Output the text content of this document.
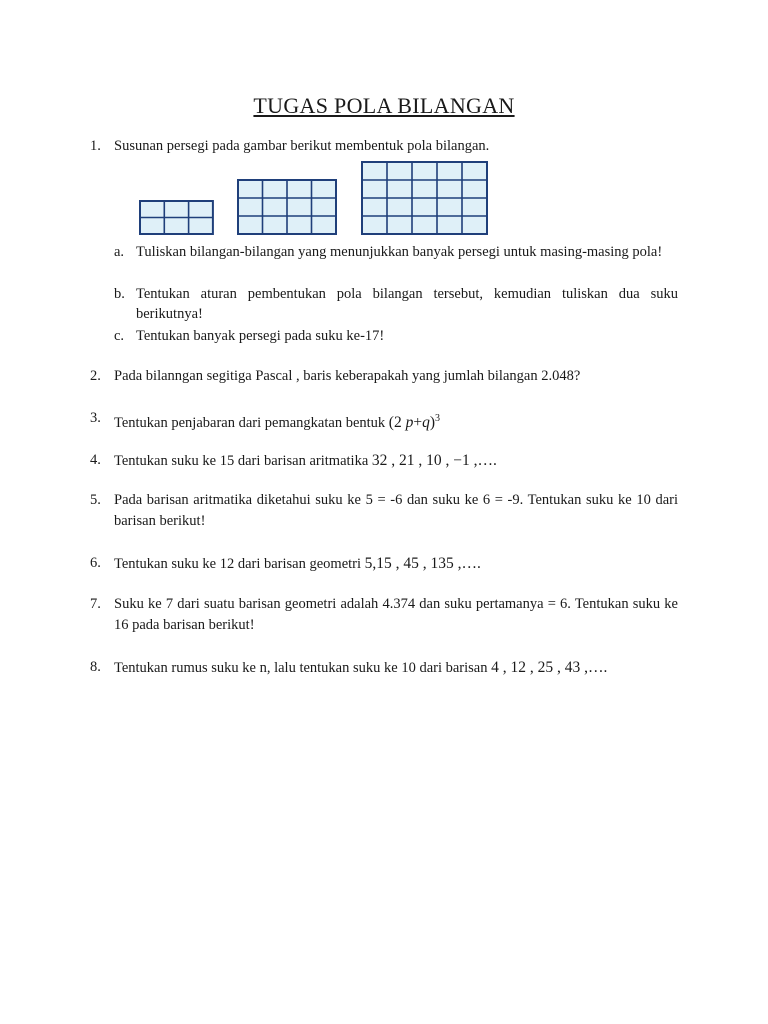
TUGAS POLA BILANGAN
1. Susunan persegi pada gambar berikut membentuk pola bilangan.
a. Tuliskan bilangan-bilangan yang menunjukkan banyak persegi untuk masing-masing pola!
b. Tentukan aturan pembentukan pola bilangan tersebut, kemudian tuliskan dua suku berikutnya!
c. Tentukan banyak persegi pada suku ke-17!
2. Pada bilanngan segitiga Pascal , baris keberapakah yang jumlah bilangan 2.048?
3. Tentukan penjabaran dari pemangkatan bentuk (2 p+q)$^3$
4. Tentukan suku ke 15 dari barisan aritmatika 32 , 21 , 10 , −1 ,….
5. Pada barisan aritmatika diketahui suku ke 5 = -6 dan suku ke 6 = -9. Tentukan suku ke 10 dari barisan berikut!
6. Tentukan suku ke 12 dari barisan geometri 5,15 , 45 , 135 ,….
7. Suku ke 7 dari suatu barisan geometri adalah 4.374 dan suku pertamanya = 6. Tentukan suku ke 16 pada barisan berikut!
8. Tentukan rumus suku ke n, lalu tentukan suku ke 10 dari barisan 4 , 12 , 25 , 43 ,….
